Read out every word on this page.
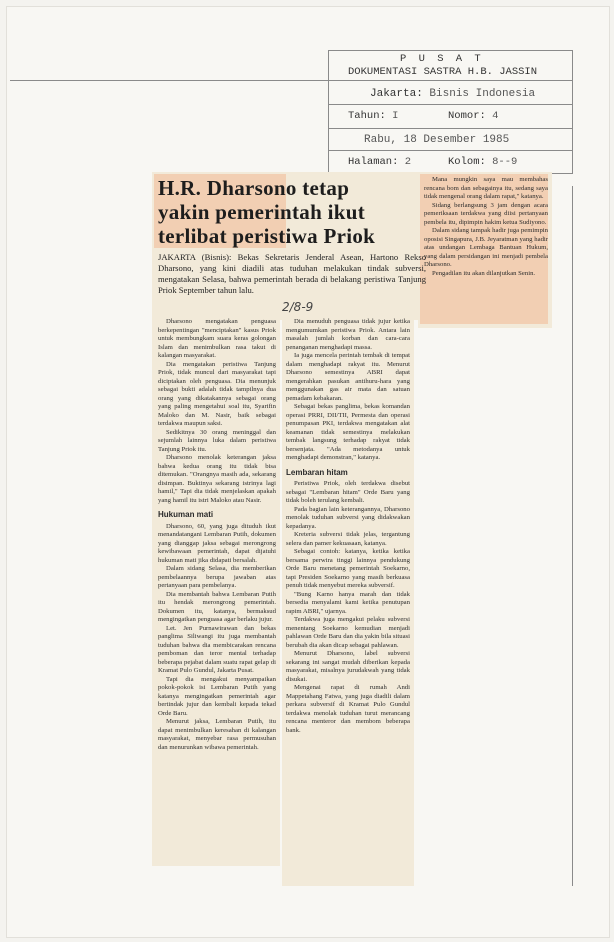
P U S A T
DOKUMENTASI SASTRA H.B. JASSIN
Jakarta: Bisnis Indonesia
Tahun: I	Nomor: 4
Rabu, 18 Desember 1985
Halaman: 2	Kolom: 8--9
H.R. Dharsono tetap
yakin pemerintah ikut
terlibat peristiwa Priok
2/8-9
JAKARTA (Bisnis): Bekas Sekretaris Jenderal Asean, Hartono Rekso Dharsono, yang kini diadili atas tuduhan melakukan tindak subversi, mengatakan Selasa, bahwa pemerintah berada di belakang peristiwa Tanjung Priok September tahun lalu.

Dharsono mengatakan penguasa berkepentingan "menciptakan" kasus Priok untuk membungkam suara keras golongan Islam dan menimbulkan rasa takut di kalangan masyarakat.

Dia mengatakan peristiwa Tanjung Priok, tidak muncul dari masyarakat tapi diciptakan oleh penguasa. Dia menunjuk sebagai bukti adalah tidak tampilnya dua orang yang dikatakannya sebagai orang yang paling mengetahui soal itu, Syarifin Maloko dan M. Nasir, baik sebagai terdakwa maupun saksi.

Sedikitnya 30 orang meninggal dan sejumlah lainnya luka dalam peristiwa Tanjung Priok itu.

Dharsono menolak keterangan jaksa bahwa kedua orang itu tidak bisa ditemukan. "Orangnya masih ada, sekarang disimpan. Buktinya sekarang istrinya lagi hamil," Tapi dia tidak menjelaskan apakah yang hamil itu istri Maloko atau Nasir.

Hukuman mati

Dharsono, 60, yang juga dituduh ikut menandatangani Lembaran Putih, dokumen yang dianggap jaksa sebagai merongrong kewibawaan pemerintah, dapat dijatuhi hukuman mati jika didapati bersalah.

Dalam sidang Selasa, dia memberikan pembelaannya berupa jawaban atas pertanyaan para pembelanya.

Dia membantah bahwa Lembaran Putih itu hendak merongrong pemerintah. Dokumen itu, katanya, bermaksud mengingatkan penguasa agar berlaku jujur.

Let. Jen Purnawirawan dan bekas panglima Siliwangi itu juga membantah tuduhan bahwa dia membicarakan rencana pemboman dan teror mental terhadap beberapa pejabat dalam suatu rapat gelap di Kramat Pulo Gundul, Jakarta Pusat.

Tapi dia mengakui menyampaikan pokok-pokok isi Lembaran Putih yang katanya mengingatkan pemerintah agar bertindak jujur dan kembali kepada tekad Orde Baru.

Menurut jaksa, Lembaran Putih, itu dapat menimbulkan keresahan di kalangan masyarakat, menyebar rasa permusuhan dan menurunkan wibawa pemerintah.

Dia menuduh penguasa tidak jujur ketika mengumumkan peristiwa Priok. Antara lain masalah jumlah korban dan cara-cara penanganan menghadapi massa.

Ia juga mencela perintah tembak di tempat dalam menghadapi rakyat itu. Menurut Dharsono semestinya ABRI dapat mengerahkan pasukan antihuru-hara yang menggunakan gas air mata dan satuan pemadam kebakaran.

Sebagai bekas panglima, bekas komandan operasi PRRI, DII/TII, Permesta dan operasi penumpasan PKI, terdakwa mengatakan alat keamanan tidak semestinya melakukan tembak langsung terhadap rakyat tidak bersenjata. "Ada metodanya untuk menghadapi demonstran," katanya.

Lembaran hitam

Peristiwa Priok, oleh terdakwa disebut sebagai "Lembaran hitam" Orde Baru yang tidak boleh terulang kembali.

Pada bagian lain keterangannya, Dharsono menolak tuduhan subversi yang didakwakan kepadanya.

Kreteria subversi tidak jelas, tergantung selera dan pamer kekuasaan, katanya.

Sebagai contoh: katanya, ketika ketika bersama perwira tinggi lainnya pendukung Orde Baru menetang pemerintah Soekarno, tapi Presiden Soekarno yang masih berkuasa penuh tidak menyebut mereka subversif.

"Bung Karno hanya marah dan tidak bersedia menyalami kami ketika penutupan rapim ABRI," ujarnya.

Terdakwa juga mengakui pelaku subversi menentang Soekarno kemudian menjadi pahlawan Orde Baru dan dia yakin bila situasi berubah dia akan dicap sebagai pahlawan.

Menurut Dharsono, label subversi sekarang ini sangat mudah diberikan kepada masyarakat, misalnya jurudakwah yang tidak disukai.

Mengenai rapat di rumah Andi Mappetahang Fatwa, yang juga diadili dalam perkara subversif di Kramat Pulo Gundul terdakwa menolak tuduhan turut merancang rencana menteror dan membom beberapa bank.

Mana mungkin saya mau membahas rencana bom dan sebagainya itu, sedang saya tidak mengenal orang dalam rapat," katanya.

Sidang berlangsung 3 jam dengan acara pemeriksaan terdakwa yang diisi pertanyaan pembela itu, dipimpin hakim ketua Sudiyono.

Dalam sidang tampak hadir juga pemimpin oposisi Singapura, J.B. Jeyaratman yang hadir atas undangan Lembaga Bantuan Hukum, yang dalam persidangan ini menjadi pembela Dharsono.

Pengadilan itu akan dilanjutkan Senin.
